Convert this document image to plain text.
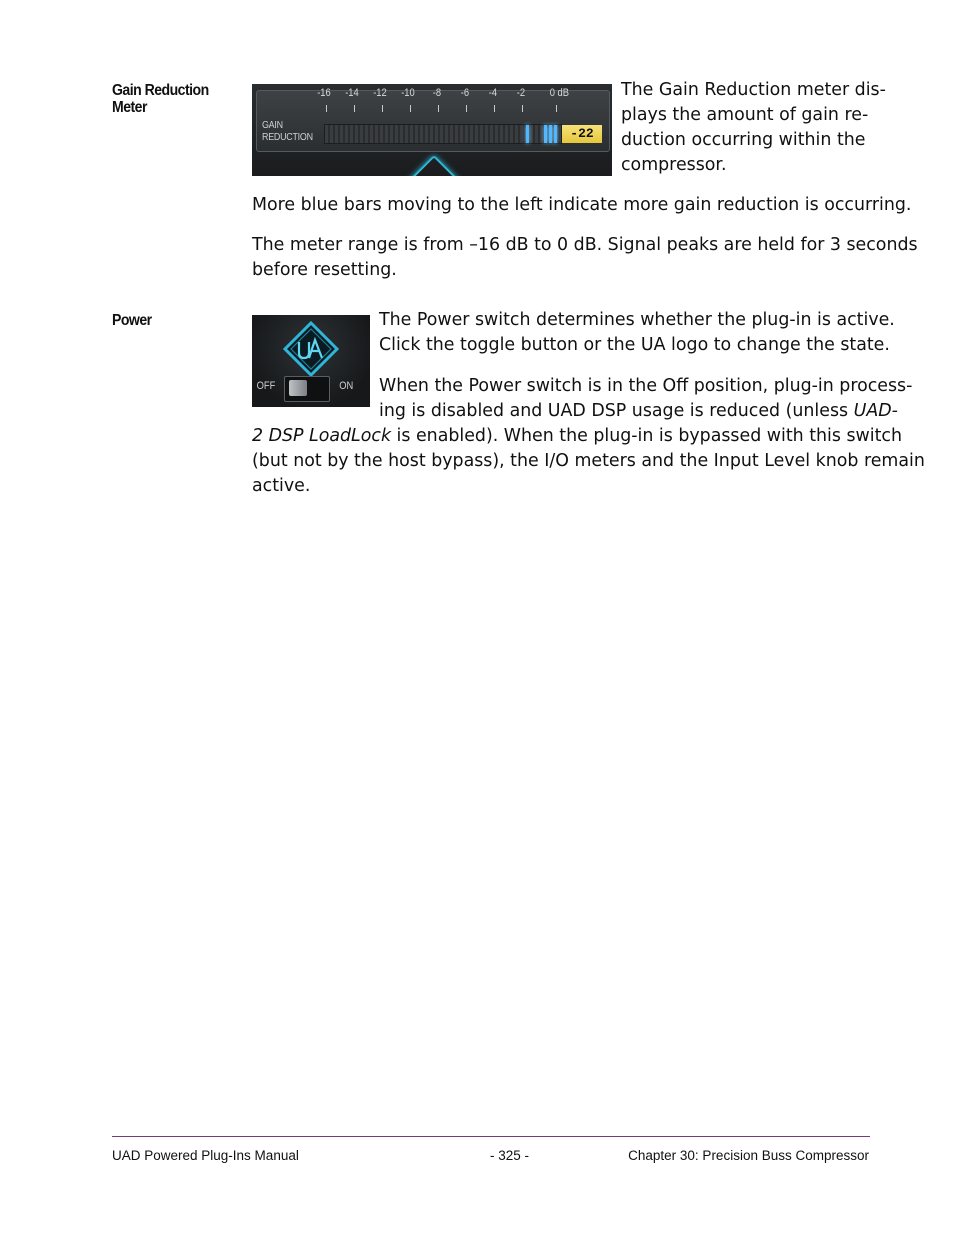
Gain Reduction Meter
-16 -14 -12 -10 -8 -6 -4 -2 0 dB
GAIN
REDUCTION	-22

The Gain Reduction meter dis-

plays the amount of gain re-

duction occurring within the

compressor.

More blue bars moving to the left indicate more gain reduction is occurring.

The meter range is from –16 dB to 0 dB. Signal peaks are held for 3 seconds

before resetting.

Power
OFF	ON

The Power switch determines whether the plug-in is active.

Click the toggle button or the UA logo to change the state.

When the Power switch is in the Off position, plug-in process-

ing is disabled and UAD DSP usage is reduced (unless UAD-

2 DSP LoadLock is enabled). When the plug-in is bypassed with this switch

(but not by the host bypass), the I/O meters and the Input Level knob remain

active.

UAD Powered Plug-Ins Manual	- 325 -	Chapter 30: Precision Buss Compressor
